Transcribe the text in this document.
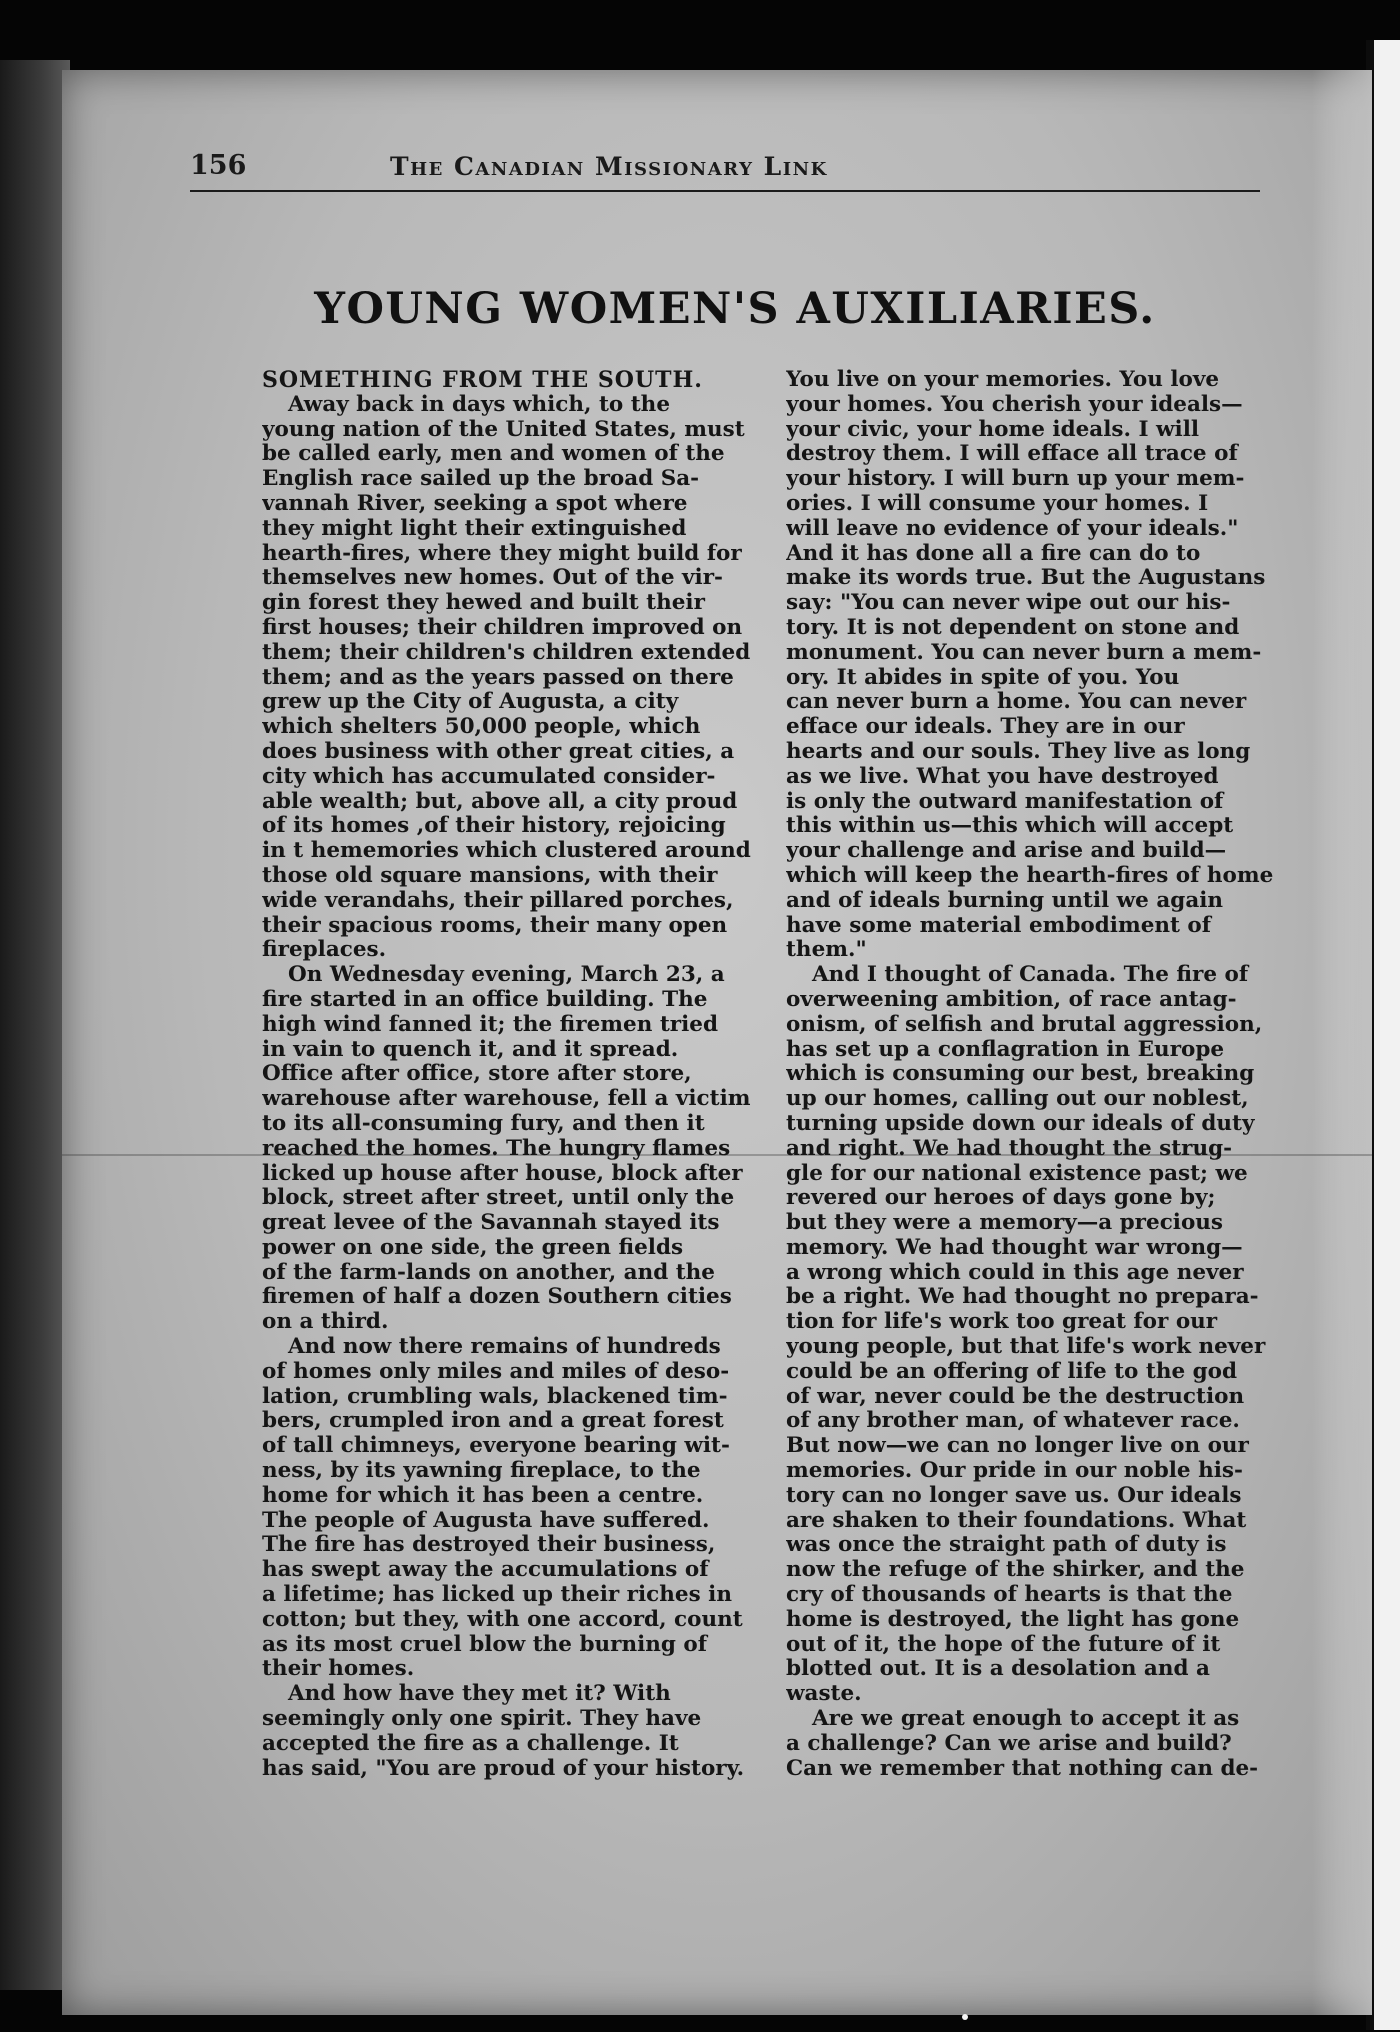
156	The Canadian Missionary Link
YOUNG WOMEN'S AUXILIARIES.
SOMETHING FROM THE SOUTH.
Away back in days which, to the
young nation of the United States, must
be called early, men and women of the
English race sailed up the broad Sa-
vannah River, seeking a spot where
they might light their extinguished
hearth-fires, where they might build for
themselves new homes. Out of the vir-
gin forest they hewed and built their
first houses; their children improved on
them; their children's children extended
them; and as the years passed on there
grew up the City of Augusta, a city
which shelters 50,000 people, which
does business with other great cities, a
city which has accumulated consider-
able wealth; but, above all, a city proud
of its homes ,of their history, rejoicing
in t hememories which clustered around
those old square mansions, with their
wide verandahs, their pillared porches,
their spacious rooms, their many open
fireplaces.
On Wednesday evening, March 23, a
fire started in an office building. The
high wind fanned it; the firemen tried
in vain to quench it, and it spread.
Office after office, store after store,
warehouse after warehouse, fell a victim
to its all-consuming fury, and then it
reached the homes. The hungry flames
licked up house after house, block after
block, street after street, until only the
great levee of the Savannah stayed its
power on one side, the green fields
of the farm-lands on another, and the
firemen of half a dozen Southern cities
on a third.
And now there remains of hundreds
of homes only miles and miles of deso-
lation, crumbling wals, blackened tim-
bers, crumpled iron and a great forest
of tall chimneys, everyone bearing wit-
ness, by its yawning fireplace, to the
home for which it has been a centre.
The people of Augusta have suffered.
The fire has destroyed their business,
has swept away the accumulations of
a lifetime; has licked up their riches in
cotton; but they, with one accord, count
as its most cruel blow the burning of
their homes.
And how have they met it? With
seemingly only one spirit. They have
accepted the fire as a challenge. It
has said, "You are proud of your history.
You live on your memories. You love
your homes. You cherish your ideals—
your civic, your home ideals. I will
destroy them. I will efface all trace of
your history. I will burn up your mem-
ories. I will consume your homes. I
will leave no evidence of your ideals."
And it has done all a fire can do to
make its words true. But the Augustans
say: "You can never wipe out our his-
tory. It is not dependent on stone and
monument. You can never burn a mem-
ory. It abides in spite of you. You
can never burn a home. You can never
efface our ideals. They are in our
hearts and our souls. They live as long
as we live. What you have destroyed
is only the outward manifestation of
this within us—this which will accept
your challenge and arise and build—
which will keep the hearth-fires of home
and of ideals burning until we again
have some material embodiment of
them."
And I thought of Canada. The fire of
overweening ambition, of race antag-
onism, of selfish and brutal aggression,
has set up a conflagration in Europe
which is consuming our best, breaking
up our homes, calling out our noblest,
turning upside down our ideals of duty
and right. We had thought the strug-
gle for our national existence past; we
revered our heroes of days gone by;
but they were a memory—a precious
memory. We had thought war wrong—
a wrong which could in this age never
be a right. We had thought no prepara-
tion for life's work too great for our
young people, but that life's work never
could be an offering of life to the god
of war, never could be the destruction
of any brother man, of whatever race.
But now—we can no longer live on our
memories. Our pride in our noble his-
tory can no longer save us. Our ideals
are shaken to their foundations. What
was once the straight path of duty is
now the refuge of the shirker, and the
cry of thousands of hearts is that the
home is destroyed, the light has gone
out of it, the hope of the future of it
blotted out. It is a desolation and a
waste.
Are we great enough to accept it as
a challenge? Can we arise and build?
Can we remember that nothing can de-
